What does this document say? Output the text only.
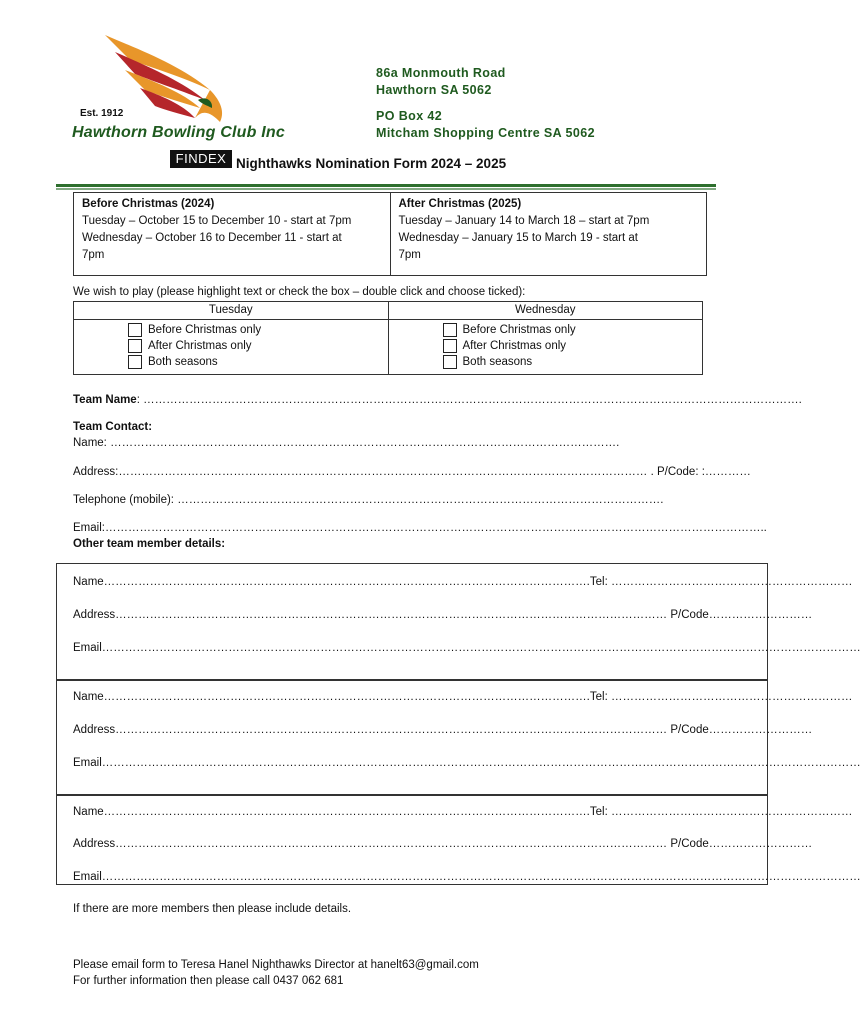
Est. 1912
Hawthorn Bowling Club Inc
86a Monmouth Road
Hawthorn SA 5062
PO Box 42
Mitcham Shopping Centre SA 5062
FINDEX Nighthawks Nomination Form 2024 – 2025
Before Christmas (2024)
Tuesday – October 15 to December 10 - start at 7pm
Wednesday – October 16 to December 11 - start at
7pm
After Christmas (2025)
Tuesday – January 14 to March 18 – start at 7pm
Wednesday – January 15 to March 19 - start at
7pm
We wish to play (please highlight text or check the box – double click and choose ticked):
Tuesday
Before Christmas only
After Christmas only
Both seasons
Wednesday
Before Christmas only
After Christmas only
Both seasons
Team Name: ……………………………………………………………………………………………………………………………………………………….
Team Contact:
Name: …………………………………………………………………………………………………………………….
Address:………………………………………………………………………………………………………………………… . P/Code: :…………
Telephone (mobile): ……………………………………………………………………………………………………………….
Email:………………………………………………………………………………………………………………………………………………………..
Other team member details:
Name……………………………………………………………………………………………………………….Tel: ………………………………………………………
Address……………………………………………………………………………………………………………………………… P/Code………………………
Email………………………………………………………………………………………………………………………………………………………………………………
Name……………………………………………………………………………………………………………….Tel: ………………………………………………………
Address……………………………………………………………………………………………………………………………… P/Code………………………
Email………………………………………………………………………………………………………………………………………………………………………………
Name……………………………………………………………………………………………………………….Tel: ………………………………………………………
Address……………………………………………………………………………………………………………………………… P/Code………………………
Email………………………………………………………………………………………………………………………………………………………………………………
If there are more members then please include details.
Please email form to Teresa Hanel Nighthawks Director at hanelt63@gmail.com
For further information then please call 0437 062 681
